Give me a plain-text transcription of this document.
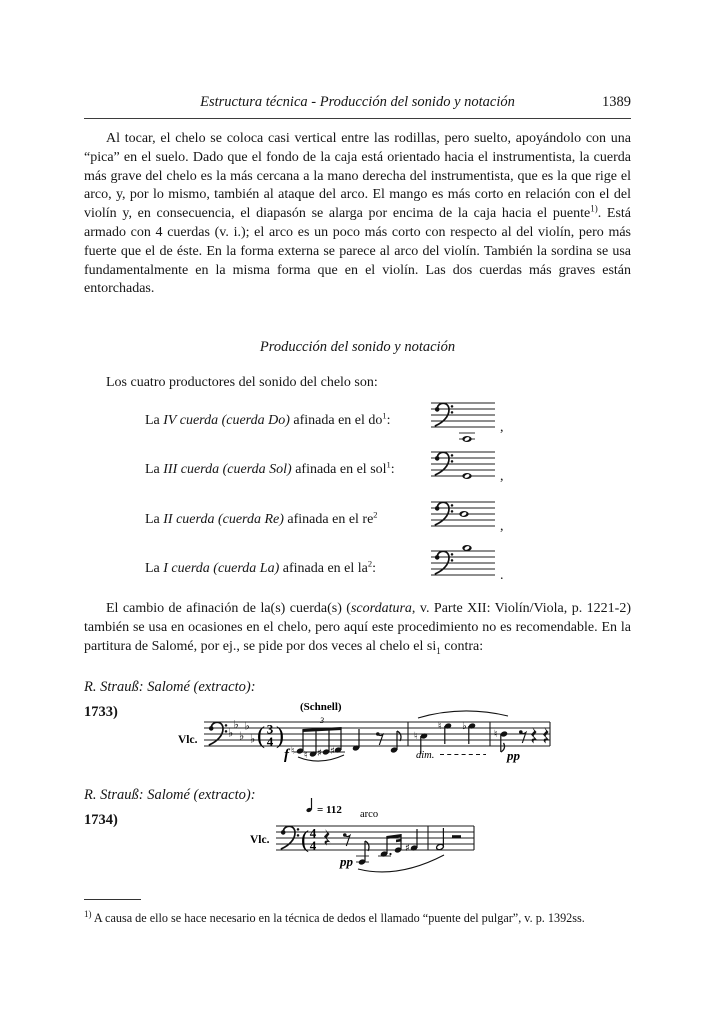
Estructura técnica - Producción del sonido y notación	1389

Al tocar, el chelo se coloca casi vertical entre las rodillas, pero suelto, apoyándolo con una “pica” en el suelo. Dado que el fondo de la caja está orientado hacia el instrumentista, la cuerda más grave del chelo es la más cercana a la mano derecha del instrumentista, que es la que rige el arco, y, por lo mismo, también al ataque del arco. El mango es más corto en relación con el del violín y, en consecuencia, el diapasón se alarga por encima de la caja hacia el puente$^{1)}$. Está armado con 4 cuerdas (v. i.); el arco es un poco más corto con respecto al del violín, pero más fuerte que el de éste. En la forma externa se parece al arco del violín. También la sordina se usa fundamentalmente en la misma forma que en el violín. Las dos cuerdas más graves están entorchadas.

Producción del sonido y notación

Los cuatro productores del sonido del chelo son:

La IV cuerda (cuerda Do) afinada en el $do^1$:	,
La III cuerda (cuerda Sol) afinada en el sol$^1$:	,
La II cuerda (cuerda Re) afinada en el $re^2$
,
La I cuerda (cuerda La) afinada en el $la^2$:	.

El cambio de afinación de la(s) cuerda(s) (scordatura, v. Parte XII: Violín/Viola, p. 1221-2) también se usa en ocasiones en el chelo, pero aquí este procedimiento no es recomendable. En la partitura de Salomé, por ej., se pide por dos veces al chelo el $si_1$ contra:

R. Strauß: Salomé (extracto):
1733)
Vlc.
♭
♭
♭
♭
♭ ( 3
4 )
(Schnell)
f ♮ ♮ ♯ ♯
3
♮
♮ ♭
dim.
♮
pp
R. Strauß: Salomé (extracto):
1734)
= 112 arco
Vlc. ( 4
4
pp
♯

$^{1)}$ A causa de ello se hace necesario en la técnica de dedos el llamado “puente del pulgar”, v. p. 1392ss.
